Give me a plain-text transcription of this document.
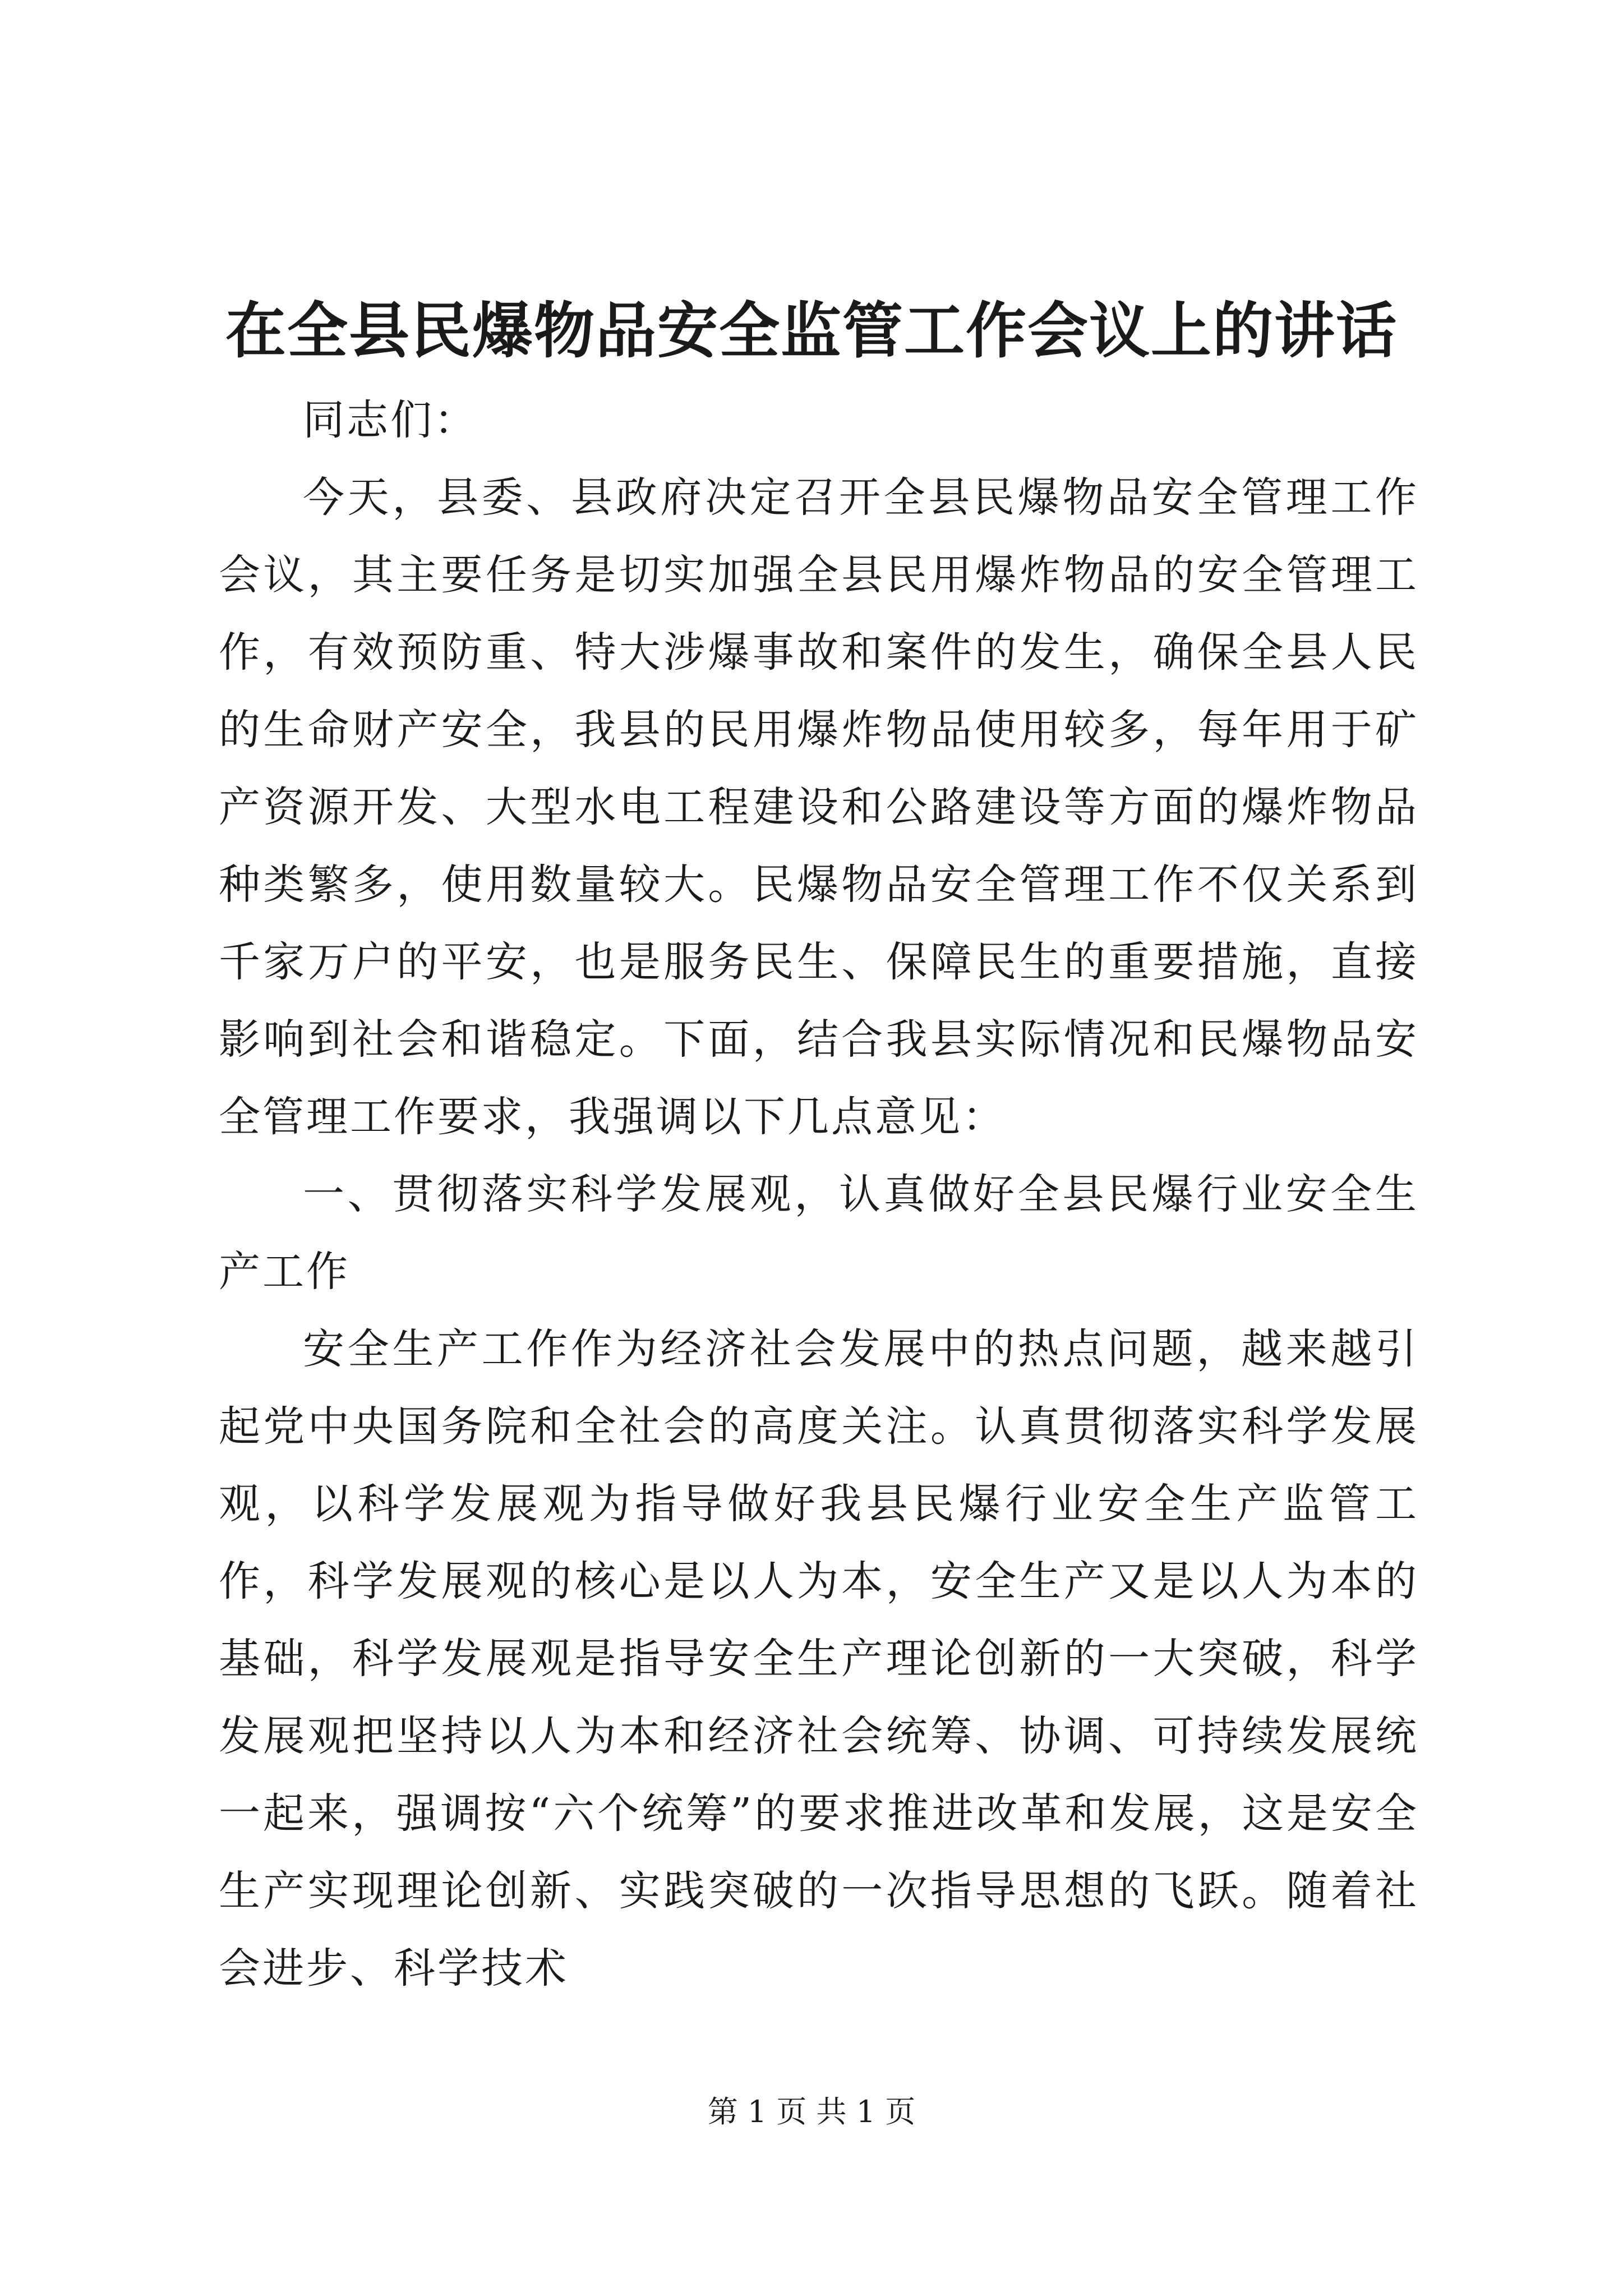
在全县民爆物品安全监管工作会议上的讲话

同志们：

今天，县委、县政府决定召开全县民爆物品安全管理工作会议，其主要任务是切实加强全县民用爆炸物品的安全管理工作，有效预防重、特大涉爆事故和案件的发生，确保全县人民的生命财产安全，我县的民用爆炸物品使用较多，每年用于矿产资源开发、大型水电工程建设和公路建设等方面的爆炸物品种类繁多，使用数量较大。民爆物品安全管理工作不仅关系到千家万户的平安，也是服务民生、保障民生的重要措施，直接影响到社会和谐稳定。下面，结合我县实际情况和民爆物品安全管理工作要求，我强调以下几点意见：

一、贯彻落实科学发展观，认真做好全县民爆行业安全生产工作

安全生产工作作为经济社会发展中的热点问题，越来越引起党中央国务院和全社会的高度关注。认真贯彻落实科学发展观，以科学发展观为指导做好我县民爆行业安全生产监管工作，科学发展观的核心是以人为本，安全生产又是以人为本的基础，科学发展观是指导安全生产理论创新的一大突破，科学发展观把坚持以人为本和经济社会统筹、协调、可持续发展统一起来，强调按“六个统筹”的要求推进改革和发展，这是安全生产实现理论创新、实践突破的一次指导思想的飞跃。随着社会进步、科学技术

第 1 页 共 1 页
